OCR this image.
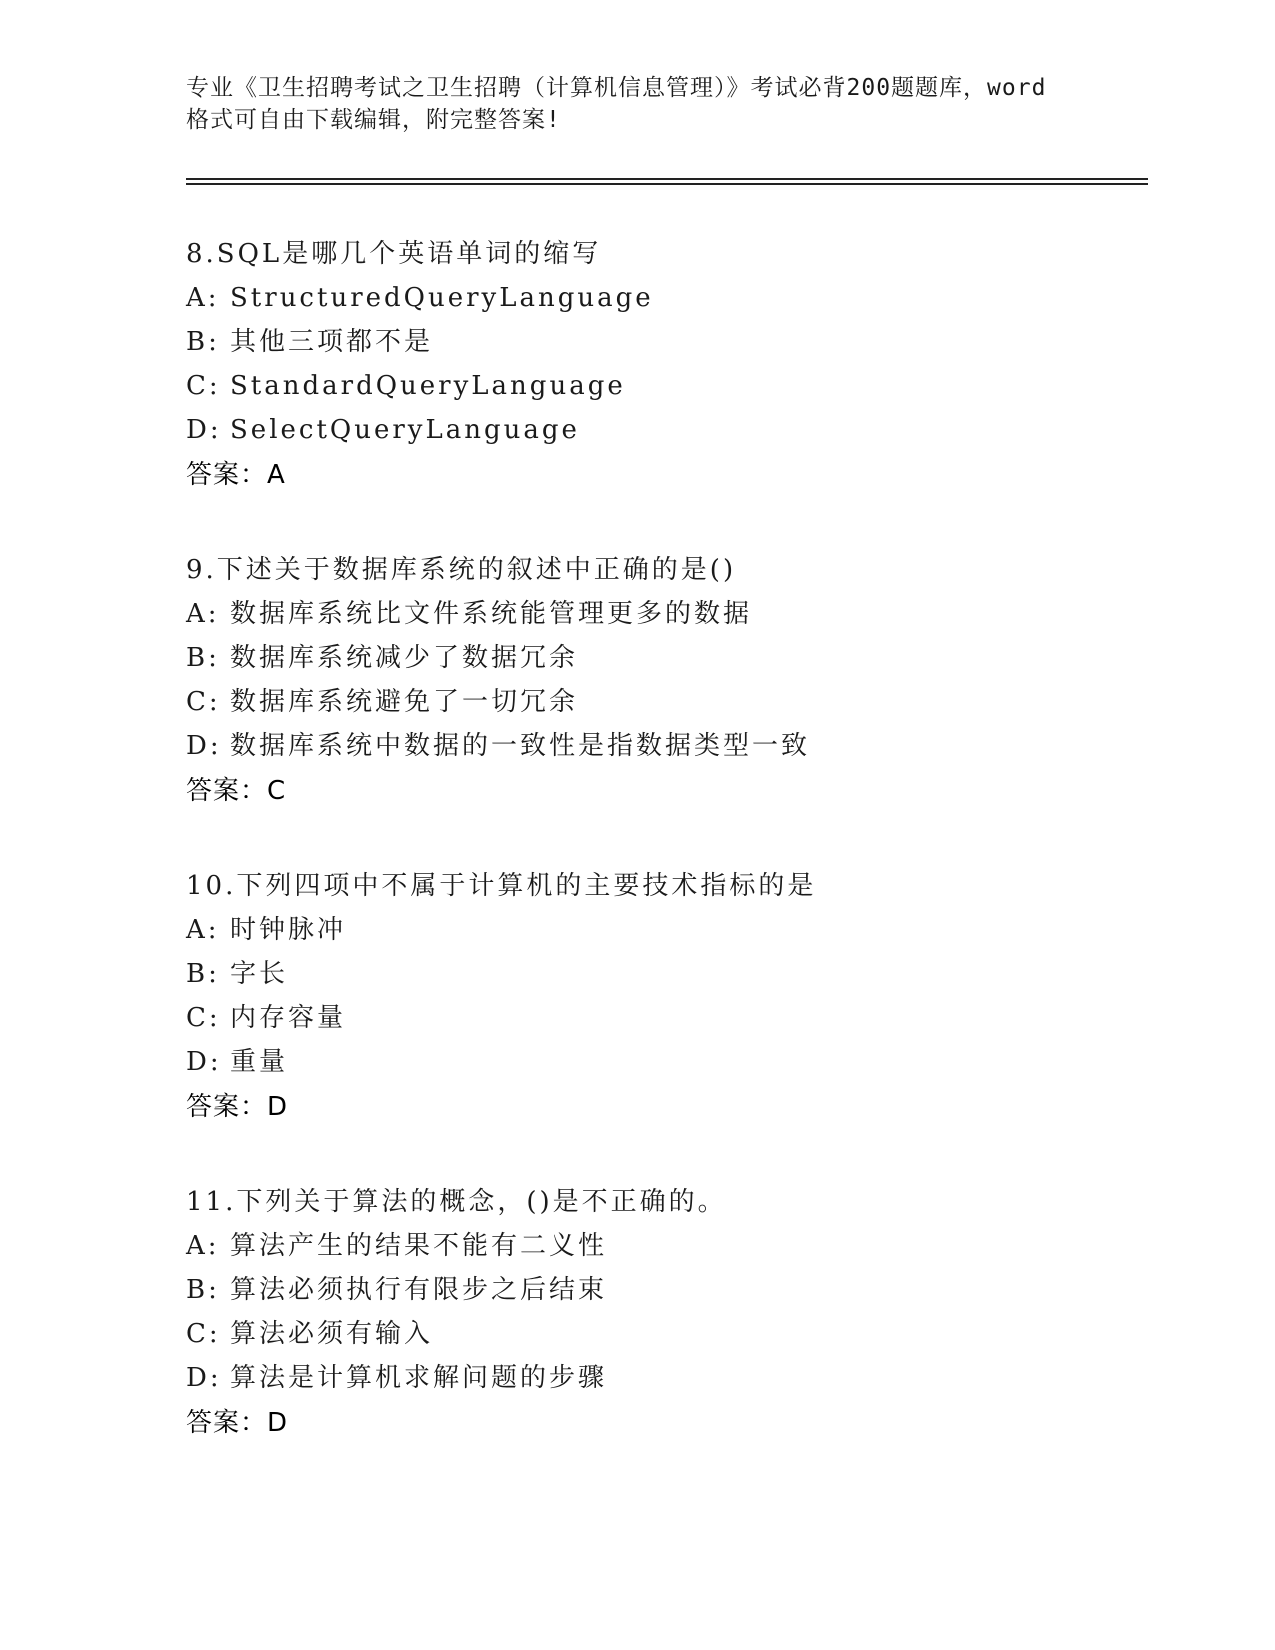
专业《卫生招聘考试之卫生招聘（计算机信息管理）》考试必背200题题库，word
格式可自由下载编辑，附完整答案!
8.SQL是哪几个英语单词的缩写
A: StructuredQueryLanguage
B: 其他三项都不是
C: StandardQueryLanguage
D: SelectQueryLanguage
答案：A
9.下述关于数据库系统的叙述中正确的是()
A: 数据库系统比文件系统能管理更多的数据
B: 数据库系统减少了数据冗余
C: 数据库系统避免了一切冗余
D: 数据库系统中数据的一致性是指数据类型一致
答案：C
10.下列四项中不属于计算机的主要技术指标的是
A: 时钟脉冲
B: 字长
C: 内存容量
D: 重量
答案：D
11.下列关于算法的概念，()是不正确的。
A: 算法产生的结果不能有二义性
B: 算法必须执行有限步之后结束
C: 算法必须有输入
D: 算法是计算机求解问题的步骤
答案：D
